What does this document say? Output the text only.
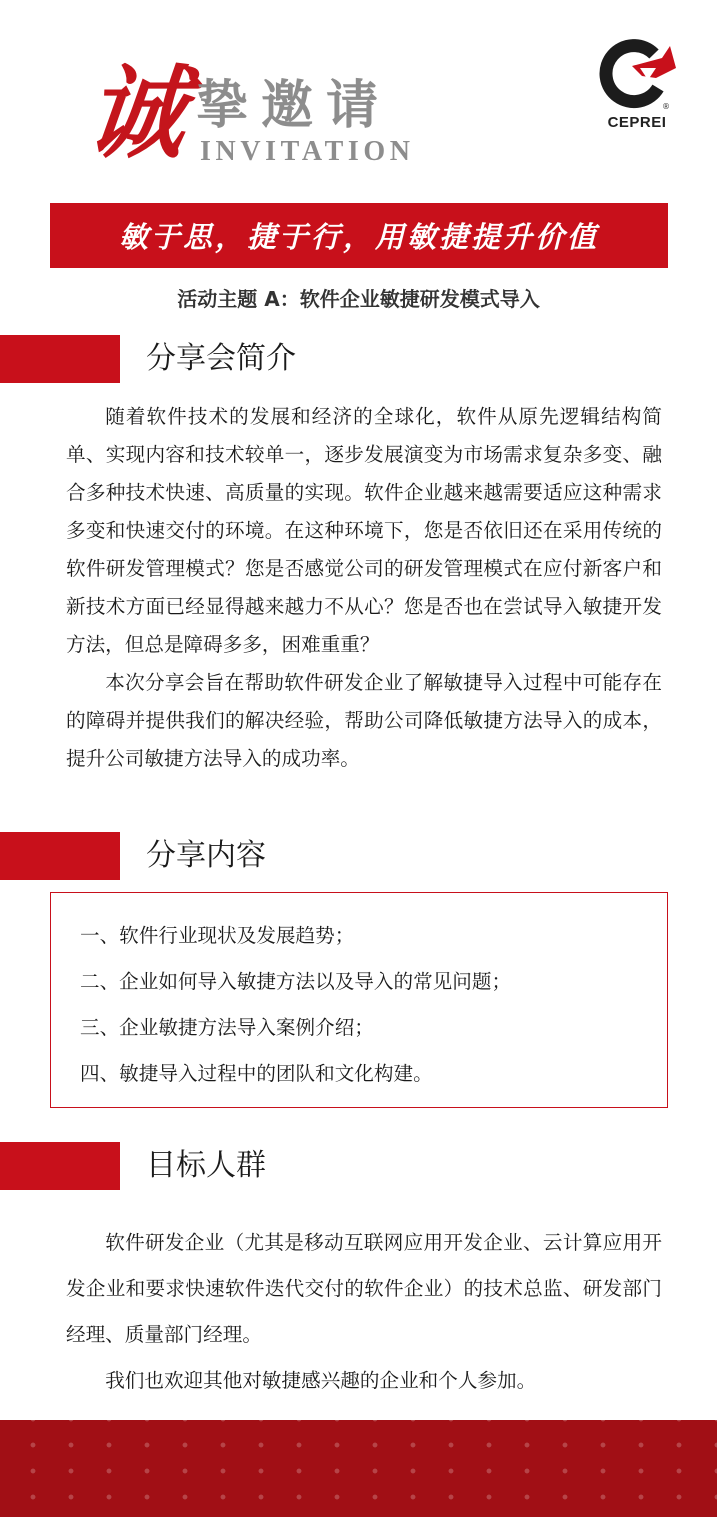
诚 挚邀请
INVITATION
®
CEPREI
敏于思，捷于行，用敏捷提升价值
活动主题 A：软件企业敏捷研发模式导入
分享会简介

随着软件技术的发展和经济的全球化，软件从原先逻辑结构简单、实现内容和技术较单一，逐步发展演变为市场需求复杂多变、融合多种技术快速、高质量的实现。软件企业越来越需要适应这种需求多变和快速交付的环境。在这种环境下，您是否依旧还在采用传统的软件研发管理模式？您是否感觉公司的研发管理模式在应付新客户和新技术方面已经显得越来越力不从心？您是否也在尝试导入敏捷开发方法，但总是障碍多多，困难重重？

本次分享会旨在帮助软件研发企业了解敏捷导入过程中可能存在的障碍并提供我们的解决经验，帮助公司降低敏捷方法导入的成本，提升公司敏捷方法导入的成功率。

分享内容
一、软件行业现状及发展趋势；
二、企业如何导入敏捷方法以及导入的常见问题；
三、企业敏捷方法导入案例介绍；
四、敏捷导入过程中的团队和文化构建。
目标人群

软件研发企业（尤其是移动互联网应用开发企业、云计算应用开发企业和要求快速软件迭代交付的软件企业）的技术总监、研发部门经理、质量部门经理。

我们也欢迎其他对敏捷感兴趣的企业和个人参加。
